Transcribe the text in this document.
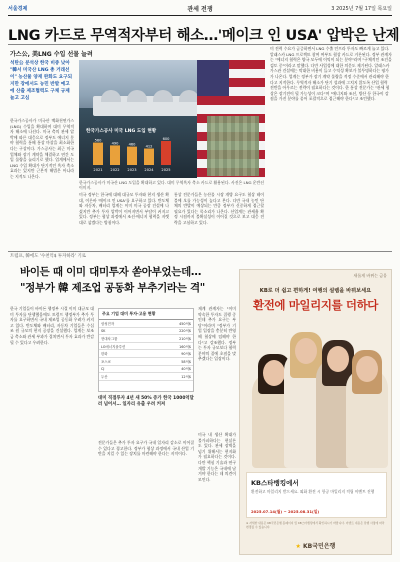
서울경제	관세 전쟁	3 2025년 7월 17일 목요일
LNG 카드로 무역적자부터 해소…'메이크 인 USA' 압박은 난제
가스公, 美LNG 수입 선물 늘려
석탄公 분석상 한국 비중 낮아 "韓서 미국산 LNG 총 거래선이" 농산물 양재 완화도 요구되지만 장에서도 농민 반발 예고에 산출 제조협력도 구체 규제 늘고 고심
한국가스공사 미국 LNG 도입 현황
560
2021
490
2022
460
2023
412
2024
600
2025
한국가스공사가 미국산 LNG 도입을 확대하고 있다. 대미 무역흑자 축소 카드로 활용된다. 사진은 LNG 운반선 이미지.

한국가스공사가 미국산 액화천연가스(LNG) 수입을 확대하며 대미 무역적자 해소에 나선다. 미국 측의 관세 압박에 따른 대응으로 정부도 에너지 분야 협력을 통해 통상 마찰을 최소화한다는 구상이다. 가스공사는 최근 미국 업체와 장기 계약을 체결하고 연간 도입 물량을 늘리기로 했다. 업계에서는 LNG 수입 확대가 단기적인 흑자 축소 효과는 있지만 근본적 해법은 아니라는 지적도 나온다.

미국 정부는 한국에 대해 대규모 투자와 현지 생산 확대, 이른바 '메이크 인 USA'를 요구하고 있다. 반도체와 자동차, 배터리 업계는 이미 미국 공장 건설에 나섰지만 추가 투자 압박이 이어지면서 부담이 커지고 있다. 정부는 협상 과정에서 조선·에너지 협력을 지렛대로 삼겠다는 방침이다.

통상 전문가들은 농산물 시장 개방 요구도 협상 테이블에 오를 가능성이 높다고 본다. 다만 국내 농민 단체의 반발이 예상되는 만큼 정부가 신중하게 접근할 필요가 있다는 목소리가 나온다. 산업계는 관세율 확정 시점까지 불확실성이 이어질 것으로 보고 대응 전략을 고심하고 있다.

미 전력 수요가 급증하면서 LNG 수출 인프라 투자도 빠르게 늘고 있다. 알래스카 LNG 프로젝트 참여 여부도 협상 카드로 거론된다. 정부 관계자는 "에너지 협력은 양국 모두에 이익이 되는 분야"라며 "구체적인 조건을 검토 중"이라고 말했다. 다만 사업성에 대한 의문도 제기된다. 알래스카 가스관 건설에는 막대한 비용이 들고 수익성 확보가 불투명하다는 평가가 나온다. 업계는 정부가 장기 계약 물량을 적정 수준에서 관리해야 한다고 지적한다. 무역적자 해소가 단기 성과에 그치지 않도록 산업 협력 전반을 아우르는 전략이 필요하다는 것이다. 한 통상 전문가는 "관세 협상은 장기전이 될 가능성이 크다"며 "에너지와 조선, 방산 등 한국이 강점을 가진 분야를 묶어 포괄적으로 접근해야 한다"고 조언했다.

트럼프, 韓에도 '수천억$ 투자하라' 기로
바이든 때 이미 대미투자 쏟아부었는데…
"정부가 韓 제조업 공동화 부추기라는 격"

한국 기업들이 바이든 행정부 시절 이미 대규모 대미 투자를 단행했음에도 트럼프 행정부가 추가 투자를 요구하면서 국내 제조업 공동화 우려가 커지고 있다. 반도체와 배터리, 자동차 기업들은 수십조 원 규모의 현지 공장을 건설했다. 업계는 보조금 축소와 관세 부과가 겹치면서 투자 효과가 반감될 수 있다고 우려한다.

전문가들은 추가 투자 요구가 국내 일자리 감소로 이어질 수 있다고 경고한다. 정부가 협상 과정에서 국내 산업 기반을 지킬 수 있는 장치를 마련해야 한다는 지적이다.

재계 관계자는 "이미 약속한 투자도 집행 중인데 추가 요구는 부담"이라며 "정부가 기업 입장을 충분히 반영해 협상에 임해야 한다"고 강조했다. 정부는 투자 규모보다 협력 분야의 질에 초점을 맞추겠다는 입장이다.

미국 내 생산 확대가 불가피하다는 현실론도 있다. 관세 장벽을 넘기 위해서는 현지화가 필요하다는 것이다. 다만 핵심 기술과 연구개발 기능은 국내에 남겨야 한다는 데 의견이 모인다.

주요 기업 대미 투자·고용 현황
삼성전자	450억$
SK	220억$
현대차그룹	210억$
LG에너지솔루션	160억$
한화	90억$
포스코	58억$
CJ	40억$
두산	12억$
대미 직접투자 4년 새 50% 증가 한국 1000억달러 넘어서… 일자리 유출 우려 커져
새롭게 바뀌는 금융
KB로 더 쉽고 편하게! 여행의 설렘을 바꿔보세요
환전에 마일리지를 더하다
KB스타뱅킹에서
환전하고 마일리지 받으세요. 외화 환전 시 항공 마일리지 적립 이벤트 진행
2025.07.14(월) ~ 2025.08.31(일)
※ 자세한 내용은 KB국민은행 홈페이지 및 KB스타뱅킹에서 확인하시기 바랍니다. 이벤트 내용은 당행 사정에 따라 변경될 수 있습니다.
★ KB국민은행
